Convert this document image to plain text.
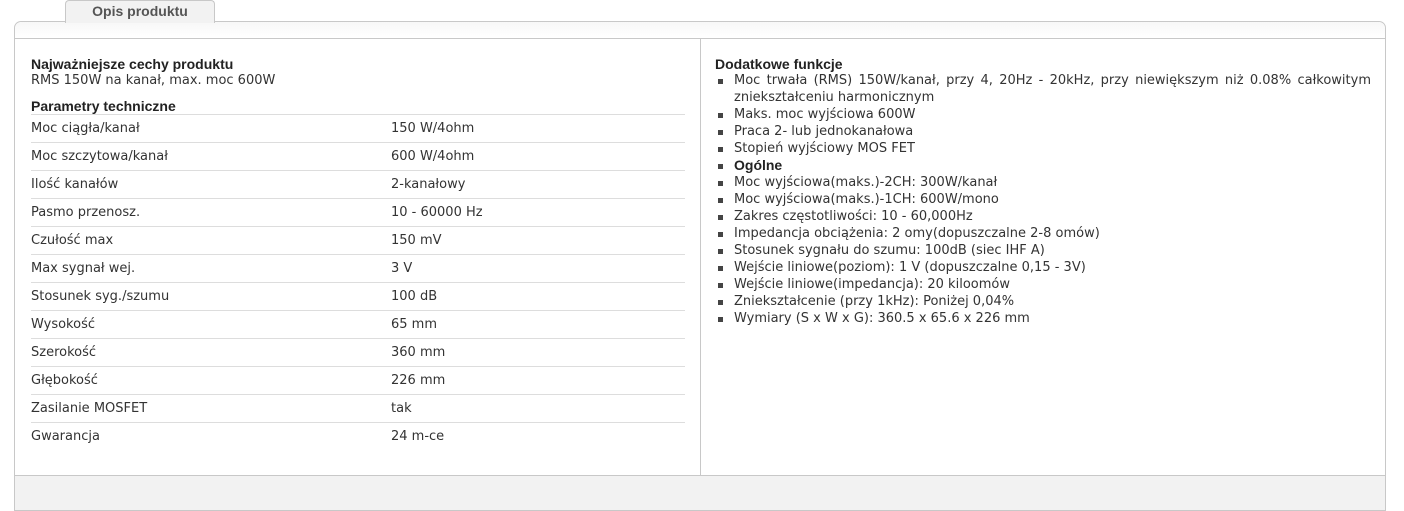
Opis produktu
Najważniejsze cechy produktu
RMS 150W na kanał, max. moc 600W
Parametry techniczne
Moc ciągła/kanał	150 W/4ohm
Moc szczytowa/kanał	600 W/4ohm
Ilość kanałów	2-kanałowy
Pasmo przenosz.	10 - 60000 Hz
Czułość max	150 mV
Max sygnał wej.	3 V
Stosunek syg./szumu	100 dB
Wysokość	65 mm
Szerokość	360 mm
Głębokość	226 mm
Zasilanie MOSFET	tak
Gwarancja	24 m-ce
Dodatkowe funkcje
Moc trwała (RMS) 150W/kanał, przy 4, 20Hz - 20kHz, przy niewiększym niż 0.08% całkowitym zniekształceniu harmonicznym
Maks. moc wyjściowa 600W
Praca 2- lub jednokanałowa
Stopień wyjściowy MOS FET
Ogólne
Moc wyjściowa(maks.)-2CH: 300W/kanał
Moc wyjściowa(maks.)-1CH: 600W/mono
Zakres częstotliwości: 10 - 60,000Hz
Impedancja obciążenia: 2 omy(dopuszczalne 2-8 omów)
Stosunek sygnału do szumu: 100dB (siec IHF A)
Wejście liniowe(poziom): 1 V (dopuszczalne 0,15 - 3V)
Wejście liniowe(impedancja): 20 kiloomów
Zniekształcenie (przy 1kHz): Poniżej 0,04%
Wymiary (S x W x G): 360.5 x 65.6 x 226 mm
